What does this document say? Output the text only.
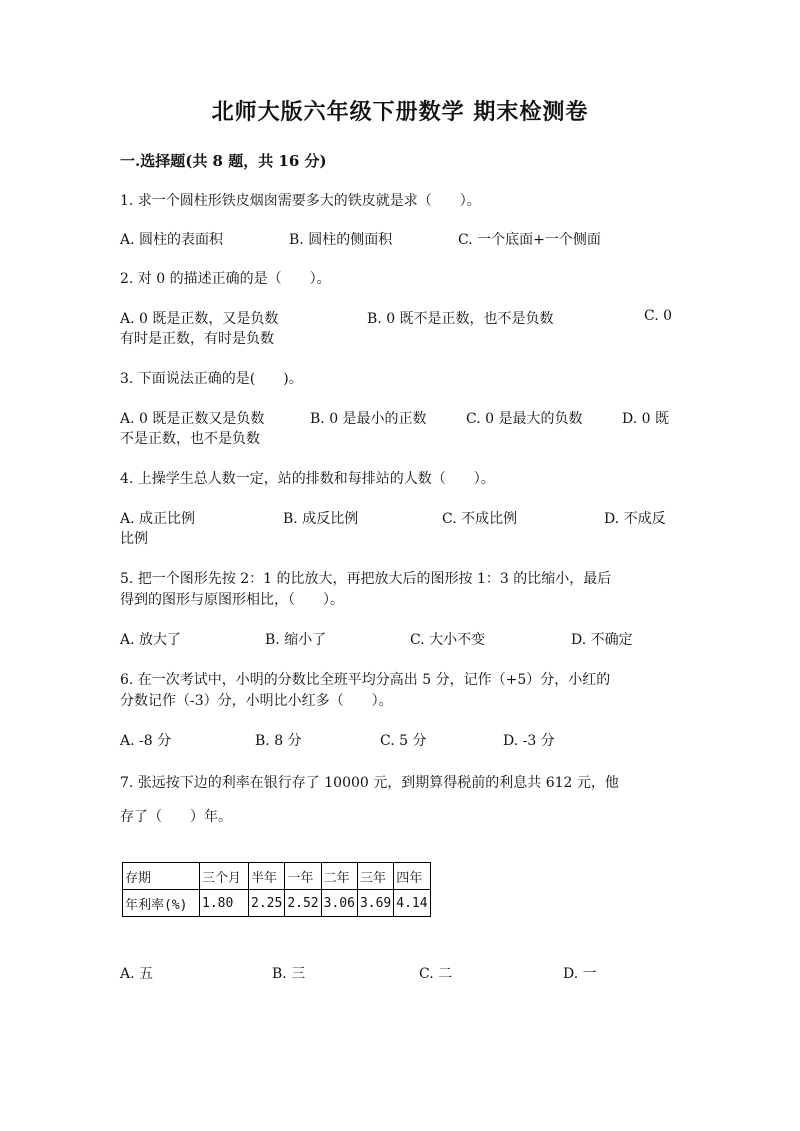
北师大版六年级下册数学 期末检测卷
一.选择题(共 8 题，共 16 分)
1. 求一个圆柱形铁皮烟囱需要多大的铁皮就是求（　　）。
A. 圆柱的表面积	B. 圆柱的侧面积	C. 一个底面+一个侧面
2. 对 0 的描述正确的是（　　）。
A. 0 既是正数，又是负数	B. 0 既不是正数，也不是负数	C. 0
有时是正数，有时是负数
3. 下面说法正确的是(　　)。
A. 0 既是正数又是负数	B. 0 是最小的正数	C. 0 是最大的负数	D. 0 既
不是正数，也不是负数
4. 上操学生总人数一定，站的排数和每排站的人数（　　）。
A. 成正比例	B. 成反比例	C. 不成比例	D. 不成反
比例
5. 把一个图形先按 2：1 的比放大，再把放大后的图形按 1：3 的比缩小，最后
得到的图形与原图形相比，（　　）。
A. 放大了	B. 缩小了	C. 大小不变	D. 不确定
6. 在一次考试中，小明的分数比全班平均分高出 5 分，记作（+5）分，小红的
分数记作（-3）分，小明比小红多（　　）。
A. -8 分	B. 8 分	C. 5 分	D. -3 分
7. 张远按下边的利率在银行存了 10000 元，到期算得税前的利息共 612 元，他
存了（　　）年。
存期	三个月	半年	一年	二年	三年	四年
年利率(%)	1.80	2.25	2.52	3.06	3.69	4.14
A. 五	B. 三	C. 二	D. 一
